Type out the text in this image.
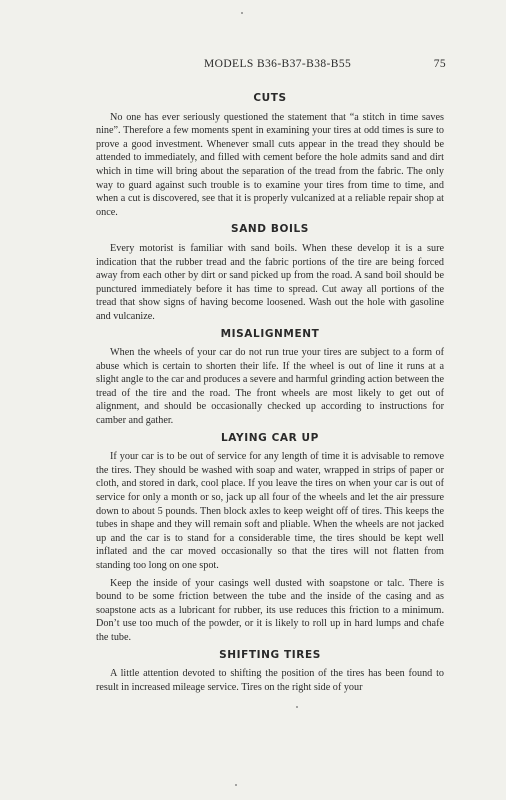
MODELS B36-B37-B38-B55	75
CUTS

No one has ever seriously questioned the statement that “a stitch in time saves nine”. Therefore a few moments spent in examining your tires at odd times is sure to prove a good investment. Whenever small cuts appear in the tread they should be attended to immediately, and filled with cement before the hole admits sand and dirt which in time will bring about the separation of the tread from the fabric. The only way to guard against such trouble is to examine your tires from time to time, and when a cut is discovered, see that it is properly vulcanized at a reliable repair shop at once.

SAND BOILS

Every motorist is familiar with sand boils. When these develop it is a sure indication that the rubber tread and the fabric portions of the tire are being forced away from each other by dirt or sand picked up from the road. A sand boil should be punctured immediately before it has time to spread. Cut away all portions of the tread that show signs of having become loosened. Wash out the hole with gasoline and vulcanize.

MISALIGNMENT

When the wheels of your car do not run true your tires are subject to a form of abuse which is certain to shorten their life. If the wheel is out of line it runs at a slight angle to the car and produces a severe and harmful grinding action between the tread of the tire and the road. The front wheels are most likely to get out of alignment, and should be occasionally checked up according to instructions for camber and gather.

LAYING CAR UP

If your car is to be out of service for any length of time it is advisable to remove the tires. They should be washed with soap and water, wrapped in strips of paper or cloth, and stored in dark, cool place. If you leave the tires on when your car is out of service for only a month or so, jack up all four of the wheels and let the air pressure down to about 5 pounds. Then block axles to keep weight off of tires. This keeps the tubes in shape and they will remain soft and pliable. When the wheels are not jacked up and the car is to stand for a considerable time, the tires should be kept well inflated and the car moved occasionally so that the tires will not flatten from standing too long on one spot.

Keep the inside of your casings well dusted with soapstone or talc. There is bound to be some friction between the tube and the inside of the casing and as soapstone acts as a lubricant for rubber, its use reduces this friction to a minimum. Don’t use too much of the powder, or it is likely to roll up in hard lumps and chafe the tube.

SHIFTING TIRES

A little attention devoted to shifting the position of the tires has been found to result in increased mileage service. Tires on the right side of your
